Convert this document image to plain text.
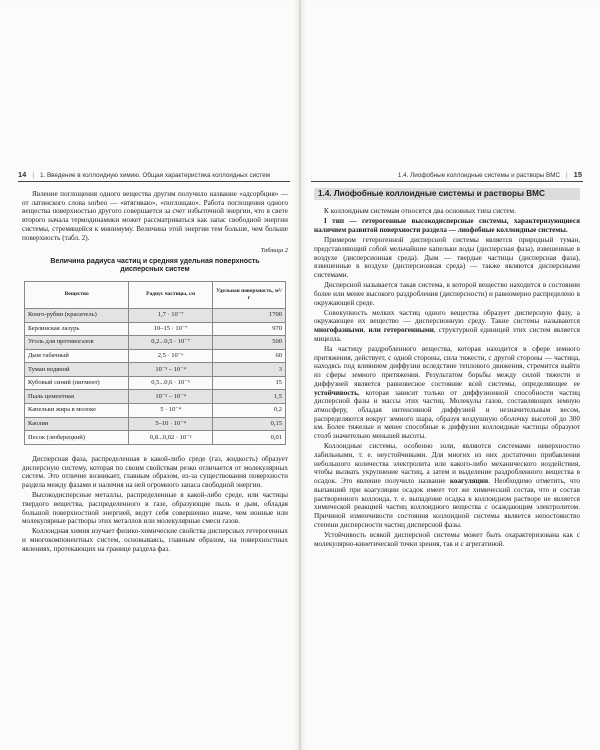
14 | 1. Введение в коллоидную химию. Общая характеристика коллоидных систем	1.4. Лиофобные коллоидные системы и растворы ВМС | 15

Явление поглощения одного вещества другим получило название «адсорбция» — от латинского слова sorbeo — «втягиваю», «поглощаю». Работа поглощения одного вещества поверхностью другого совершается за счет избыточной энергии, что в свете второго начала термодинамики может рассматриваться как запас свободной энергии системы, стремящейся к минимуму. Величина этой энергии тем больше, чем больше поверхность (табл. 2).

Таблица 2
Величина радиуса частиц и средняя удельная поверхность дисперсных систем
Вещество	Радиус частицы, см	Удельная поверхность, м²/г
Конго-рубин (краситель)	1,7 · 10⁻⁷	1700
Берлинская лазурь	10–15 · 10⁻⁷	970
Уголь для противогазов	0,2...0,5 · 10⁻⁷	500
Дым табачный	2,5 · 10⁻⁶	60
Туман водяной	10⁻³ – 10⁻⁴	3
Кубовый синий (пигмент)	0,5...0,6 · 10⁻⁶	15
Пыль цементная	10⁻³ – 10⁻⁴	1,5
Капельки жира в молоке	5 · 10⁻⁴	0,2
Каолин	5–10 · 10⁻⁴	0,15
Песок (люберецкий)	0,8...0,02 · 10⁻²	0,01

Дисперсная фаза, распределенная в какой-либо среде (газ, жидкость) образует дисперсную систему, которая по своим свойствам резко отличается от молекулярных систем. Это отличие возникает, главным образом, из-за существования поверхности раздела между фазами и наличия на ней огромного запаса свободной энергии.

Высокодисперсные металлы, распределенные в какой-либо среде, или частицы твердого вещества, распределенного в газе, образующие пыль и дым, обладая большой поверхностной энергией, ведут себя совершенно иначе, чем ионные или молекулярные растворы этих металлов или молекулярные смеси газов.

Коллоидная химия изучает физико-химические свойства дисперсных гетерогенных и многокомпонентных систем, основываясь, главным образом, на поверхностных явлениях, протекающих на границе раздела фаз.

1.4. Лиофобные коллоидные системы и растворы ВМС

К коллоидным системам относятся два основных типа систем.

I тип — гетерогенные высокодисперсные системы, характеризующиеся наличием развитой поверхности раздела — лиофобные коллоидные системы.

Примером гетерогенной дисперсной системы является природный туман, представляющий собой мельчайшие капельки воды (дисперсная фаза), взвешенные в воздухе (дисперсионная среда). Дым — твердые частицы (дисперсная фаза), взвешенные в воздухе (дисперсионная среда) — также являются дисперсными системами.

Дисперсной называется такая система, в которой вещество находится в состоянии более или менее высокого раздробления (дисперсности) и равномерно распределено в окружающей среде.

Совокупность мелких частиц одного вещества образует дисперсную фазу, а окружающее их вещество — дисперсионную среду. Такие системы называются многофазными, или гетерогенными, структурной единицей этих систем является мицелла.

На частицу раздробленного вещества, которая находится в сфере земного притяжения, действует, с одной стороны, сила тяжести, с другой стороны — частица, находясь под влиянием диффузии вследствие теплового движения, стремится выйти из сферы земного притяжения. Результатом борьбы между силой тяжести и диффузией является равновесное состояние всей системы, определяющее ее устойчивость, которая зависит только от диффузионной способности частиц дисперсной фазы и массы этих частиц. Молекулы газов, составляющих земную атмосферу, обладая интенсивной диффузией и незначительным весом, распределяются вокруг земного шара, образуя воздушную оболочку высотой до 300 км. Более тяжелые и менее способные к диффузии коллоидные частицы образуют столб значительно меньшей высоты.

Коллоидные системы, особенно золи, являются системами неверхностно лабильными, т. е. неустойчивыми. Для многих из них достаточно прибавления небольшого количества электролита или какого-либо механического воздействия, чтобы вызвать укрупнение частиц, а затем и выделение раздробленного вещества в осадок. Это явление получило название коагуляции. Необходимо отметить, что выпавший при коагуляции осадок имеет тот же химический состав, что и состав растворенного коллоида, т. е. выпадение осадка в коллоидном растворе не является химической реакцией частиц коллоидного вещества с осаждающим электролитом. Причиной изменчивости состояния коллоидной системы является непостоянство степени дисперсности частиц дисперсной фазы.

Устойчивость всякой дисперсной системы может быть охарактеризована как с молекулярно-кинетической точки зрения, так и с агрегатиной.
